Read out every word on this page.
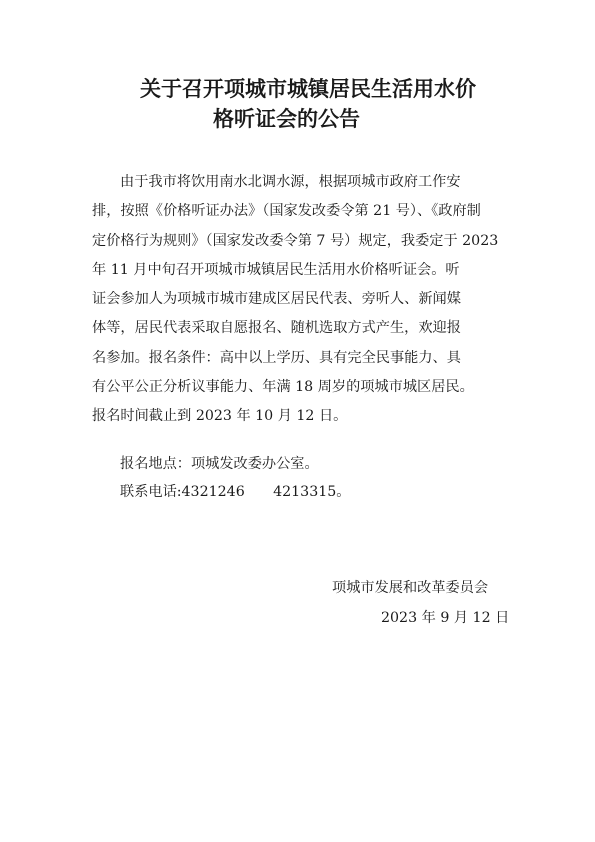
关于召开项城市城镇居民生活用水价
格听证会的公告
由于我市将饮用南水北调水源，根据项城市政府工作安
排，按照《价格听证办法》（国家发改委令第 21 号）、《政府制
定价格行为规则》（国家发改委令第 7 号）规定，我委定于 2023
年 11 月中旬召开项城市城镇居民生活用水价格听证会。听
证会参加人为项城市城市建成区居民代表、旁听人、新闻媒
体等，居民代表采取自愿报名、随机选取方式产生，欢迎报
名参加。报名条件：高中以上学历、具有完全民事能力、具
有公平公正分析议事能力、年满 18 周岁的项城市城区居民。
报名时间截止到 2023 年 10 月 12 日。
报名地点：项城发改委办公室。
联系电话:4321246　　4213315。
项城市发展和改革委员会
2023 年 9 月 12 日
